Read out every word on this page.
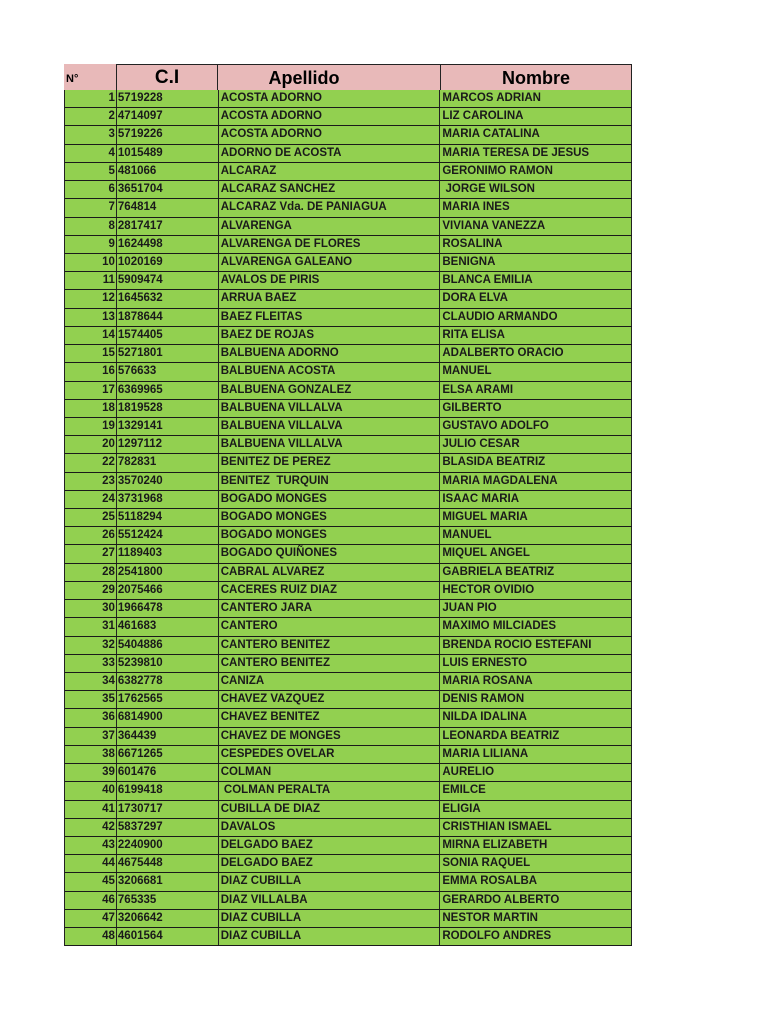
N°	C.I	Apellido	Nombre
1 5719228	ACOSTA ADORNO	MARCOS ADRIAN
2 4714097	ACOSTA ADORNO	LIZ CAROLINA
3 5719226	ACOSTA ADORNO	MARIA CATALINA
4 1015489	ADORNO DE ACOSTA	MARIA TERESA DE JESUS
5 481066	ALCARAZ	GERONIMO RAMON
6 3651704	ALCARAZ SANCHEZ	JORGE WILSON
7 764814	ALCARAZ Vda. DE PANIAGUA	MARIA INES
8 2817417	ALVARENGA	VIVIANA VANEZZA
9 1624498	ALVARENGA DE FLORES	ROSALINA
10 1020169	ALVARENGA GALEANO	BENIGNA
11 5909474	AVALOS DE PIRIS	BLANCA EMILIA
12 1645632	ARRUA BAEZ	DORA ELVA
13 1878644	BAEZ FLEITAS	CLAUDIO ARMANDO
14 1574405	BAEZ DE ROJAS	RITA ELISA
15 5271801	BALBUENA ADORNO	ADALBERTO ORACIO
16 576633	BALBUENA ACOSTA	MANUEL
17 6369965	BALBUENA GONZALEZ	ELSA ARAMI
18 1819528	BALBUENA VILLALVA	GILBERTO
19 1329141	BALBUENA VILLALVA	GUSTAVO ADOLFO
20 1297112	BALBUENA VILLALVA	JULIO CESAR
22 782831	BENITEZ DE PEREZ	BLASIDA BEATRIZ
23 3570240	BENITEZ  TURQUIN	MARIA MAGDALENA
24 3731968	BOGADO MONGES	ISAAC MARIA
25 5118294	BOGADO MONGES	MIGUEL MARIA
26 5512424	BOGADO MONGES	MANUEL
27 1189403	BOGADO QUIÑONES	MIQUEL ANGEL
28 2541800	CABRAL ALVAREZ	GABRIELA BEATRIZ
29 2075466	CACERES RUIZ DIAZ	HECTOR OVIDIO
30 1966478	CANTERO JARA	JUAN PIO
31 461683	CANTERO	MAXIMO MILCIADES
32 5404886	CANTERO BENITEZ	BRENDA ROCIO ESTEFANI
33 5239810	CANTERO BENITEZ	LUIS ERNESTO
34 6382778	CANIZA	MARIA ROSANA
35 1762565	CHAVEZ VAZQUEZ	DENIS RAMON
36 6814900	CHAVEZ BENITEZ	NILDA IDALINA
37 364439	CHAVEZ DE MONGES	LEONARDA BEATRIZ
38 6671265	CESPEDES OVELAR	MARIA LILIANA
39 601476	COLMAN	AURELIO
40 6199418	COLMAN PERALTA	EMILCE
41 1730717	CUBILLA DE DIAZ	ELIGIA
42 5837297	DAVALOS	CRISTHIAN ISMAEL
43 2240900	DELGADO BAEZ	MIRNA ELIZABETH
44 4675448	DELGADO BAEZ	SONIA RAQUEL
45 3206681	DIAZ CUBILLA	EMMA ROSALBA
46 765335	DIAZ VILLALBA	GERARDO ALBERTO
47 3206642	DIAZ CUBILLA	NESTOR MARTIN
48 4601564	DIAZ CUBILLA	RODOLFO ANDRES
